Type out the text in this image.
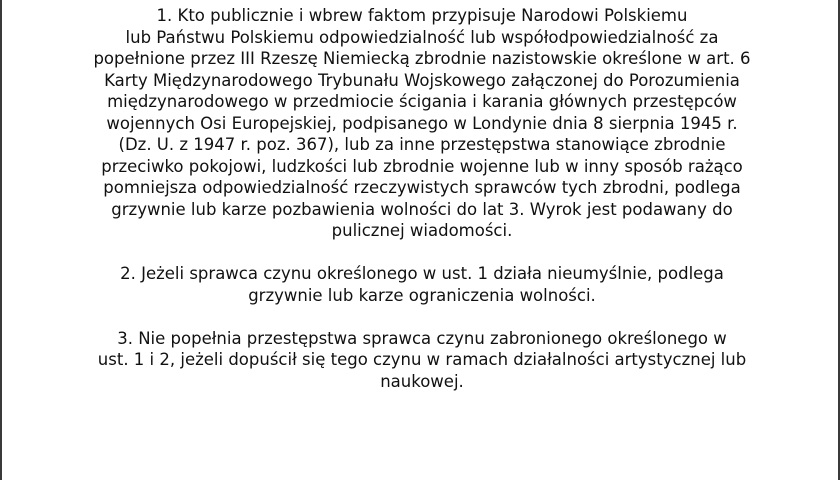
1. Kto publicznie i wbrew faktom przypisuje Narodowi Polskiemu
lub Państwu Polskiemu odpowiedzialność lub współodpowiedzialność za
popełnione przez III Rzeszę Niemiecką zbrodnie nazistowskie określone w art. 6
Karty Międzynarodowego Trybunału Wojskowego załączonej do Porozumienia
międzynarodowego w przedmiocie ścigania i karania głównych przestępców
wojennych Osi Europejskiej, podpisanego w Londynie dnia 8 sierpnia 1945 r.
(Dz. U. z 1947 r. poz. 367), lub za inne przestępstwa stanowiące zbrodnie
przeciwko pokojowi, ludzkości lub zbrodnie wojenne lub w inny sposób rażąco
pomniejsza odpowiedzialność rzeczywistych sprawców tych zbrodni, podlega
grzywnie lub karze pozbawienia wolności do lat 3. Wyrok jest podawany do
pulicznej wiadomości.

2. Jeżeli sprawca czynu określonego w ust. 1 działa nieumyślnie, podlega
grzywnie lub karze ograniczenia wolności.

3. Nie popełnia przestępstwa sprawca czynu zabronionego określonego w
ust. 1 i 2, jeżeli dopuścił się tego czynu w ramach działalności artystycznej lub
naukowej.
